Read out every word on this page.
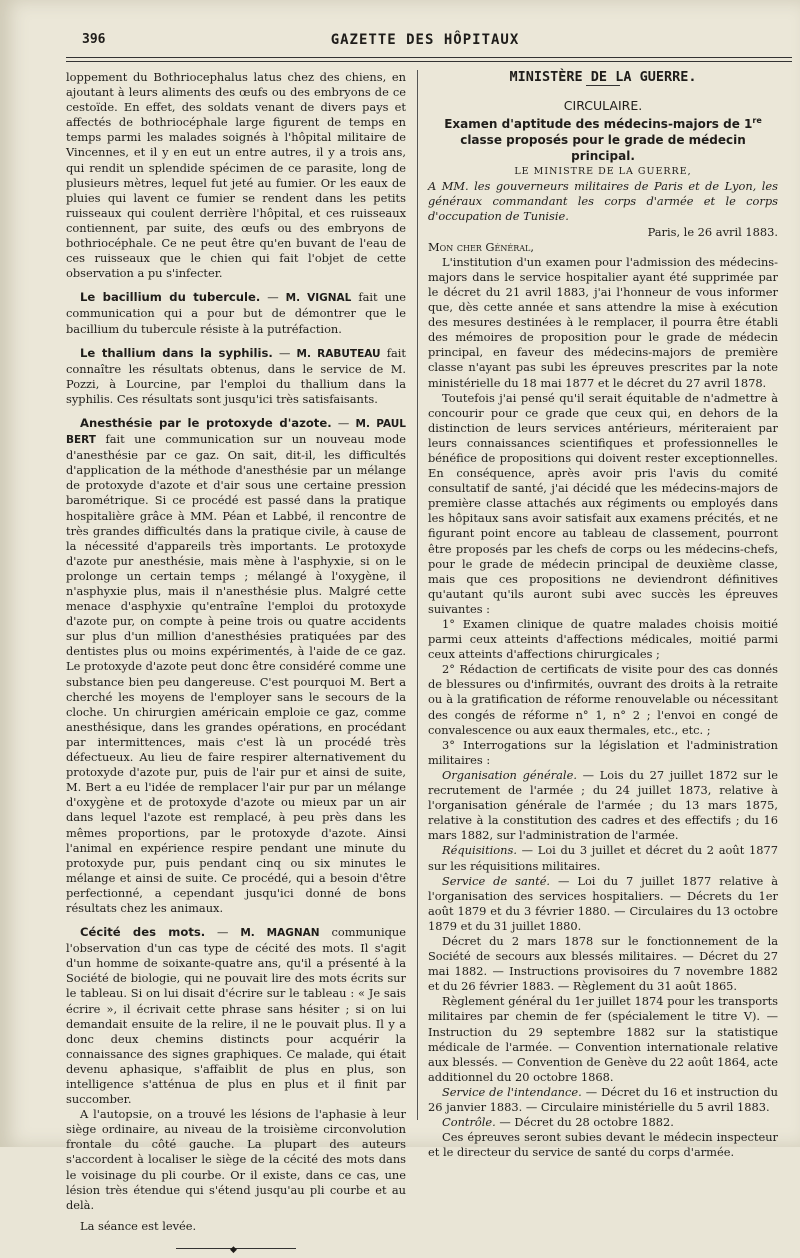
396	GAZETTE DES HÔPITAUX

loppement du Bothriocephalus latus chez des chiens, en ajoutant à leurs aliments des œufs ou des embryons de ce cestoïde. En effet, des soldats venant de divers pays et affectés de bothriocéphale large figurent de temps en temps parmi les malades soignés à l'hôpital militaire de Vincennes, et il y en eut un entre autres, il y a trois ans, qui rendit un splendide spécimen de ce parasite, long de plusieurs mètres, lequel fut jeté au fumier. Or les eaux de pluies qui lavent ce fumier se rendent dans les petits ruisseaux qui coulent derrière l'hôpital, et ces ruisseaux contiennent, par suite, des œufs ou des embryons de bothriocéphale. Ce ne peut être qu'en buvant de l'eau de ces ruisseaux que le chien qui fait l'objet de cette observation a pu s'infecter.

Le bacillium du tubercule. — M. VIGNAL fait une communication qui a pour but de démontrer que le bacillium du tubercule résiste à la putréfaction.

Le thallium dans la syphilis. — M. RABUTEAU fait connaître les résultats obtenus, dans le service de M. Pozzi, à Lourcine, par l'emploi du thallium dans la syphilis. Ces résultats sont jusqu'ici très satisfaisants.

Anesthésie par le protoxyde d'azote. — M. PAUL BERT fait une communication sur un nouveau mode d'anesthésie par ce gaz. On sait, dit-il, les difficultés d'application de la méthode d'anesthésie par un mélange de protoxyde d'azote et d'air sous une certaine pression barométrique. Si ce procédé est passé dans la pratique hospitalière grâce à MM. Péan et Labbé, il rencontre de très grandes difficultés dans la pratique civile, à cause de la nécessité d'appareils très importants. Le protoxyde d'azote pur anesthésie, mais mène à l'asphyxie, si on le prolonge un certain temps ; mélangé à l'oxygène, il n'asphyxie plus, mais il n'anesthésie plus. Malgré cette menace d'asphyxie qu'entraîne l'emploi du protoxyde d'azote pur, on compte à peine trois ou quatre accidents sur plus d'un million d'anesthésies pratiquées par des dentistes plus ou moins expérimentés, à l'aide de ce gaz. Le protoxyde d'azote peut donc être considéré comme une substance bien peu dangereuse. C'est pourquoi M. Bert a cherché les moyens de l'employer sans le secours de la cloche. Un chirurgien américain emploie ce gaz, comme anesthésique, dans les grandes opérations, en procédant par intermittences, mais c'est là un procédé très défectueux. Au lieu de faire respirer alternativement du protoxyde d'azote pur, puis de l'air pur et ainsi de suite, M. Bert a eu l'idée de remplacer l'air pur par un mélange d'oxygène et de protoxyde d'azote ou mieux par un air dans lequel l'azote est remplacé, à peu près dans les mêmes proportions, par le protoxyde d'azote. Ainsi l'animal en expérience respire pendant une minute du protoxyde pur, puis pendant cinq ou six minutes le mélange et ainsi de suite. Ce procédé, qui a besoin d'être perfectionné, a cependant jusqu'ici donné de bons résultats chez les animaux.

Cécité des mots. — M. MAGNAN communique l'observation d'un cas type de cécité des mots. Il s'agit d'un homme de soixante-quatre ans, qu'il a présenté à la Société de biologie, qui ne pouvait lire des mots écrits sur le tableau. Si on lui disait d'écrire sur le tableau : « Je sais écrire », il écrivait cette phrase sans hésiter ; si on lui demandait ensuite de la relire, il ne le pouvait plus. Il y a donc deux chemins distincts pour acquérir la connaissance des signes graphiques. Ce malade, qui était devenu aphasique, s'affaiblit de plus en plus, son intelligence s'atténua de plus en plus et il finit par succomber.

A l'autopsie, on a trouvé les lésions de l'aphasie à leur siège ordinaire, au niveau de la troisième circonvolution frontale du côté gauche. La plupart des auteurs s'accordent à localiser le siège de la cécité des mots dans le voisinage du pli courbe. Or il existe, dans ce cas, une lésion très étendue qui s'étend jusqu'au pli courbe et au delà.

La séance est levée.

◆

MINISTÈRE DE LA GUERRE.

CIRCULAIRE.

Examen d'aptitude des médecins-majors de 1re classe proposés pour le grade de médecin principal.

LE MINISTRE DE LA GUERRE,

A MM. les gouverneurs militaires de Paris et de Lyon, les généraux commandant les corps d'armée et le corps d'occupation de Tunisie.

Paris, le 26 avril 1883.

Mon cher Général,

L'institution d'un examen pour l'admission des médecins-majors dans le service hospitalier ayant été supprimée par le décret du 21 avril 1883, j'ai l'honneur de vous informer que, dès cette année et sans attendre la mise à exécution des mesures destinées à le remplacer, il pourra être établi des mémoires de proposition pour le grade de médecin principal, en faveur des médecins-majors de première classe n'ayant pas subi les épreuves prescrites par la note ministérielle du 18 mai 1877 et le décret du 27 avril 1878.

Toutefois j'ai pensé qu'il serait équitable de n'admettre à concourir pour ce grade que ceux qui, en dehors de la distinction de leurs services antérieurs, mériteraient par leurs connaissances scientifiques et professionnelles le bénéfice de propositions qui doivent rester exceptionnelles. En conséquence, après avoir pris l'avis du comité consultatif de santé, j'ai décidé que les médecins-majors de première classe attachés aux régiments ou employés dans les hôpitaux sans avoir satisfait aux examens précités, et ne figurant point encore au tableau de classement, pourront être proposés par les chefs de corps ou les médecins-chefs, pour le grade de médecin principal de deuxième classe, mais que ces propositions ne deviendront définitives qu'autant qu'ils auront subi avec succès les épreuves suivantes :

1° Examen clinique de quatre malades choisis moitié parmi ceux atteints d'affections médicales, moitié parmi ceux atteints d'affections chirurgicales ;

2° Rédaction de certificats de visite pour des cas donnés de blessures ou d'infirmités, ouvrant des droits à la retraite ou à la gratification de réforme renouvelable ou nécessitant des congés de réforme n° 1, n° 2 ; l'envoi en congé de convalescence ou aux eaux thermales, etc., etc. ;

3° Interrogations sur la législation et l'administration militaires :

Organisation générale. — Lois du 27 juillet 1872 sur le recrutement de l'armée ; du 24 juillet 1873, relative à l'organisation générale de l'armée ; du 13 mars 1875, relative à la constitution des cadres et des effectifs ; du 16 mars 1882, sur l'administration de l'armée.

Réquisitions. — Loi du 3 juillet et décret du 2 août 1877 sur les réquisitions militaires.

Service de santé. — Loi du 7 juillet 1877 relative à l'organisation des services hospitaliers. — Décrets du 1er août 1879 et du 3 février 1880. — Circulaires du 13 octobre 1879 et du 31 juillet 1880.

Décret du 2 mars 1878 sur le fonctionnement de la Société de secours aux blessés militaires. — Décret du 27 mai 1882. — Instructions provisoires du 7 novembre 1882 et du 26 février 1883. — Règlement du 31 août 1865.

Règlement général du 1er juillet 1874 pour les transports militaires par chemin de fer (spécialement le titre V). — Instruction du 29 septembre 1882 sur la statistique médicale de l'armée. — Convention internationale relative aux blessés. — Convention de Genève du 22 août 1864, acte additionnel du 20 octobre 1868.

Service de l'intendance. — Décret du 16 et instruction du 26 janvier 1883. — Circulaire ministérielle du 5 avril 1883.

Contrôle. — Décret du 28 octobre 1882.

Ces épreuves seront subies devant le médecin inspecteur et le directeur du service de santé du corps d'armée.
